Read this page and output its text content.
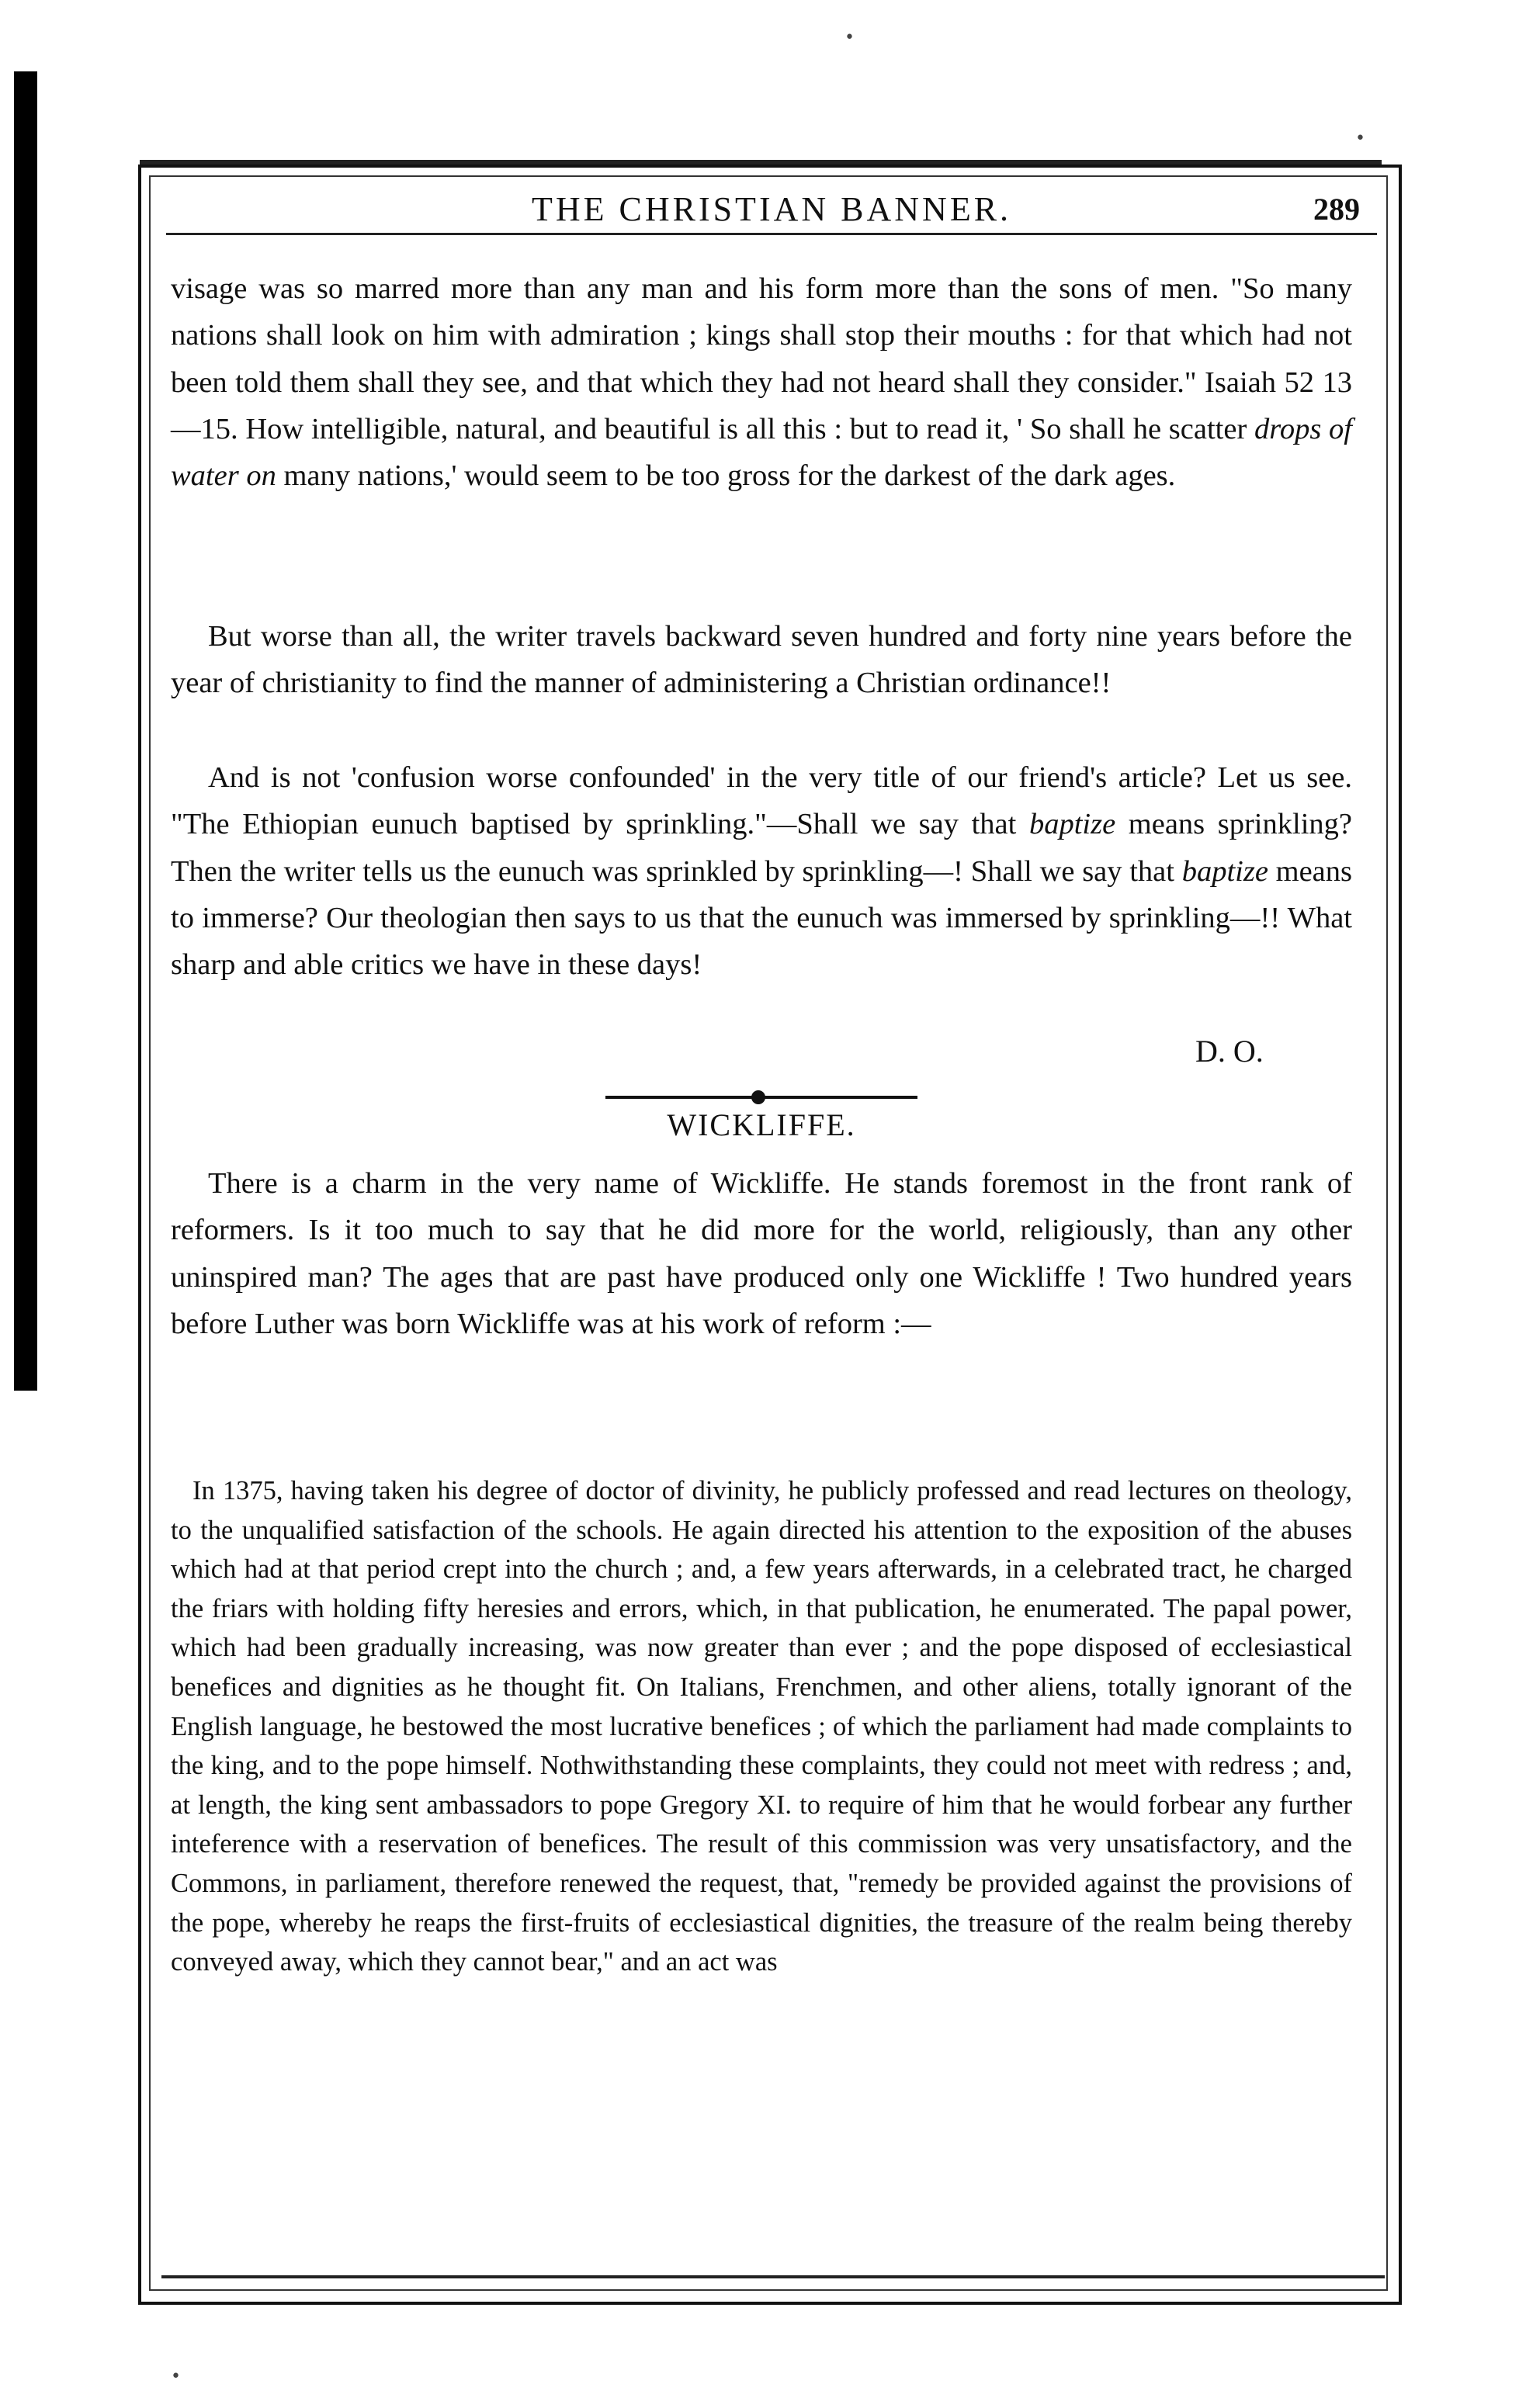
THE CHRISTIAN BANNER.	289
visage was so marred more than any man and his form more than the sons of men. "So many nations shall look on him with admiration ; kings shall stop their mouths : for that which had not been told them shall they see, and that which they had not heard shall they consider." Isaiah 52 13—15. How intelligible, natural, and beautiful is all this : but to read it, ' So shall he scatter drops of water on many nations,' would seem to be too gross for the darkest of the dark ages.
But worse than all, the writer travels backward seven hundred and forty nine years before the year of christianity to find the manner of administering a Christian ordinance!!
And is not 'confusion worse confounded' in the very title of our friend's article? Let us see. "The Ethiopian eunuch baptised by sprinkling."—Shall we say that baptize means sprinkling? Then the writer tells us the eunuch was sprinkled by sprinkling—! Shall we say that baptize means to immerse? Our theologian then says to us that the eunuch was immersed by sprinkling—!! What sharp and able critics we have in these days!
D. O.
WICKLIFFE.
There is a charm in the very name of Wickliffe. He stands foremost in the front rank of reformers. Is it too much to say that he did more for the world, religiously, than any other uninspired man? The ages that are past have produced only one Wickliffe ! Two hundred years before Luther was born Wickliffe was at his work of reform :—
In 1375, having taken his degree of doctor of divinity, he publicly professed and read lectures on theology, to the unqualified satisfaction of the schools. He again directed his attention to the exposition of the abuses which had at that period crept into the church ; and, a few years afterwards, in a celebrated tract, he charged the friars with holding fifty heresies and errors, which, in that publication, he enumerated. The papal power, which had been gradually increasing, was now greater than ever ; and the pope disposed of ecclesiastical benefices and dignities as he thought fit. On Italians, Frenchmen, and other aliens, totally ignorant of the English language, he bestowed the most lucrative benefices ; of which the parliament had made complaints to the king, and to the pope himself. Nothwithstanding these complaints, they could not meet with redress ; and, at length, the king sent ambassadors to pope Gregory XI. to require of him that he would forbear any further inteference with a reservation of benefices. The result of this commission was very unsatisfactory, and the Commons, in parliament, therefore renewed the request, that, "remedy be provided against the provisions of the pope, whereby he reaps the first-fruits of ecclesiastical dignities, the treasure of the realm being thereby conveyed away, which they cannot bear," and an act was
•
•
•
